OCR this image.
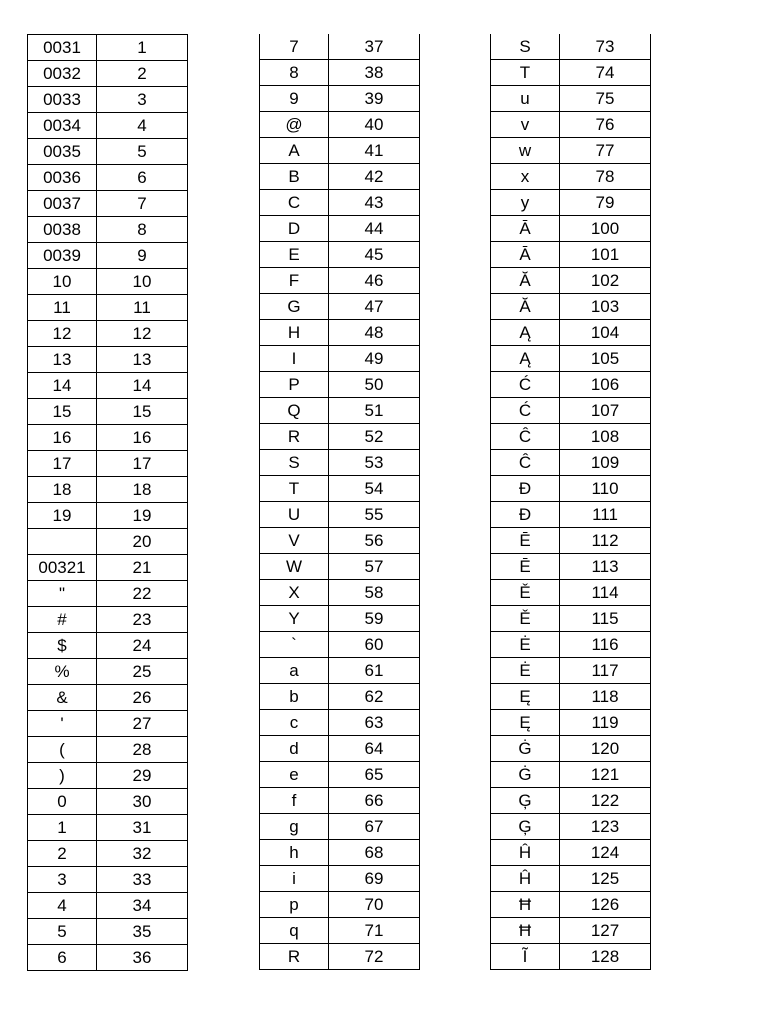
0031	1
0032	2
0033	3
0034	4
0035	5
0036	6
0037	7
0038	8
0039	9
10	10
11	11
12	12
13	13
14	14
15	15
16	16
17	17
18	18
19	19
	20
00321	21
"	22
#	23
$	24
%	25
&	26
'	27
(	28
)	29
0	30
1	31
2	32
3	33
4	34
5	35
6	36
7	37
8	38
9	39
@	40
A	41
B	42
C	43
D	44
E	45
F	46
G	47
H	48
I	49
P	50
Q	51
R	52
S	53
T	54
U	55
V	56
W	57
X	58
Y	59
`	60
a	61
b	62
c	63
d	64
e	65
f	66
g	67
h	68
i	69
p	70
q	71
R	72
S	73
T	74
u	75
v	76
w	77
x	78
y	79
Ā	100
Ā	101
Ă	102
Ă	103
Ą	104
Ą	105
Ć	106
Ć	107
Ĉ	108
Ĉ	109
Đ	110
Đ	111
Ē	112
Ē	113
Ě	114
Ě	115
Ė	116
Ė	117
Ę	118
Ę	119
Ġ	120
Ġ	121
Ģ	122
Ģ	123
Ĥ	124
Ĥ	125
Ħ	126
Ħ	127
Ĩ	128
